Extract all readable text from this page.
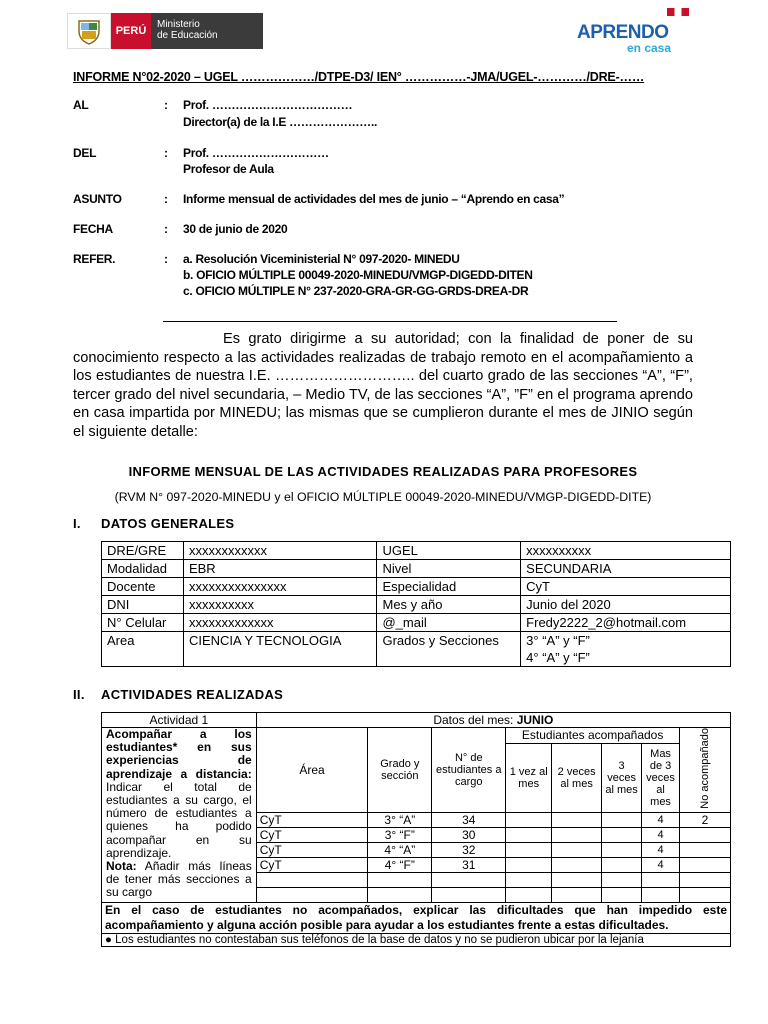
PERÚ
Ministerio
de Educación	APRENDO
en casa
INFORME N°02-2020 – UGEL ………………/DTPE-D3/ IEN° ……………-JMA/UGEL-…………/DRE-……
AL	: Prof. ………………………………
Director(a) de la I.E …………………..
DEL	: Prof. …………………………
Profesor de Aula
ASUNTO	: Informe mensual de actividades del mes de junio – “Aprendo en casa”
FECHA	: 30 de junio de 2020
REFER.	: a. Resolución Viceministerial N° 097-2020- MINEDU
b. OFICIO MÚLTIPLE 00049-2020-MINEDU/VMGP-DIGEDD-DITEN
c. OFICIO MÚLTIPLE N° 237-2020-GRA-GR-GG-GRDS-DREA-DR
Es grato dirigirme a su autoridad; con la finalidad de poner de su conocimiento respecto a las actividades realizadas de trabajo remoto en el acompañamiento a los estudiantes de nuestra I.E. ……………………….. del cuarto grado de las secciones “A”, “F”, tercer grado del nivel secundaria, – Medio TV, de las secciones “A”, ”F” en el programa aprendo en casa impartida por MINEDU; las mismas que se cumplieron durante el mes de JINIO según el siguiente detalle:
INFORME MENSUAL DE LAS ACTIVIDADES REALIZADAS PARA PROFESORES
(RVM N° 097-2020-MINEDU y el OFICIO MÚLTIPLE 00049-2020-MINEDU/VMGP-DIGEDD-DITE)
I. DATOS GENERALES
DRE/GRE	xxxxxxxxxxxx	UGEL	xxxxxxxxxx
Modalidad	EBR	Nivel	SECUNDARIA
Docente	xxxxxxxxxxxxxxx	Especialidad	CyT
DNI	xxxxxxxxxx	Mes y año	Junio del 2020
N° Celular	xxxxxxxxxxxxx	@_mail	Fredy2222_2@hotmail.com
Area	CIENCIA Y TECNOLOGIA	Grados y Secciones	3° “A” y “F”
4° “A” y “F”
II. ACTIVIDADES REALIZADAS
Actividad 1	Datos del mes: JUNIO							
Acompañar a los estudiantes* en sus experiencias de aprendizaje a distancia: Indicar el total de estudiantes a su cargo, el número de estudiantes a quienes ha podido acompañar en su aprendizaje.
Nota: Añadir más líneas de tener más secciones a su cargo	Área	Grado y sección	N° de estudiantes a cargo	Estudiantes acompañados				No acompañado
				1 vez al mes	2 veces al mes	3 veces al mes	Mas de 3 veces al mes	
	CyT	3° “A”	34				4	2
	CyT	3° “F”	30				4	
	CyT	4° “A”	32				4	
	CyT	4° “F”	31				4	

En el caso de estudiantes no acompañados, explicar las dificultades que han impedido este acompañamiento y alguna acción posible para ayudar a los estudiantes frente a estas dificultades.								
● Los estudiantes no contestaban sus teléfonos de la base de datos y no se pudieron ubicar por la lejanía								
